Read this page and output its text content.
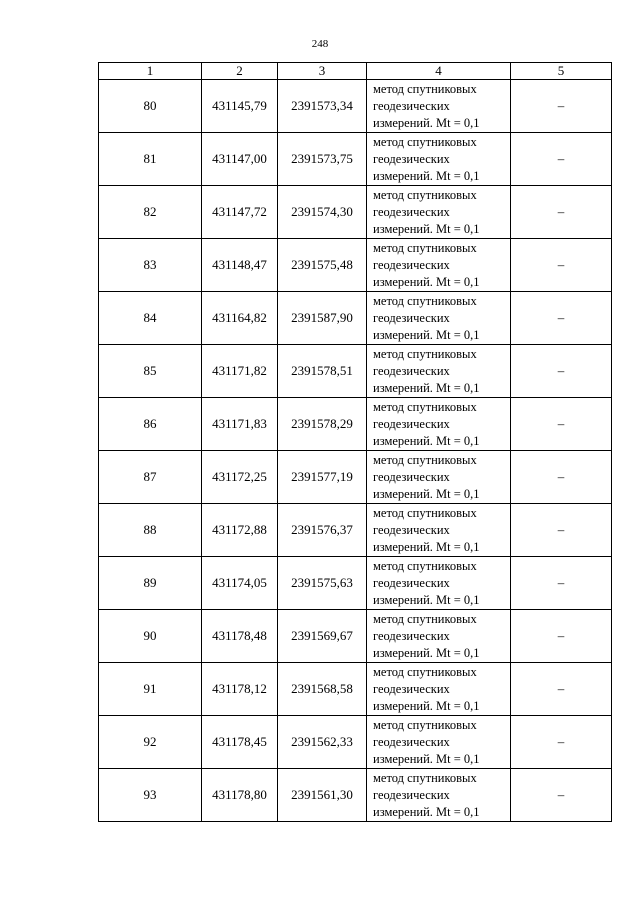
248
1	2	3	4	5
80	431145,79	2391573,34	метод спутниковых
геодезических
измерений. Mt = 0,1	–
81	431147,00	2391573,75	метод спутниковых
геодезических
измерений. Mt = 0,1	–
82	431147,72	2391574,30	метод спутниковых
геодезических
измерений. Mt = 0,1	–
83	431148,47	2391575,48	метод спутниковых
геодезических
измерений. Mt = 0,1	–
84	431164,82	2391587,90	метод спутниковых
геодезических
измерений. Mt = 0,1	–
85	431171,82	2391578,51	метод спутниковых
геодезических
измерений. Mt = 0,1	–
86	431171,83	2391578,29	метод спутниковых
геодезических
измерений. Mt = 0,1	–
87	431172,25	2391577,19	метод спутниковых
геодезических
измерений. Mt = 0,1	–
88	431172,88	2391576,37	метод спутниковых
геодезических
измерений. Mt = 0,1	–
89	431174,05	2391575,63	метод спутниковых
геодезических
измерений. Mt = 0,1	–
90	431178,48	2391569,67	метод спутниковых
геодезических
измерений. Mt = 0,1	–
91	431178,12	2391568,58	метод спутниковых
геодезических
измерений. Mt = 0,1	–
92	431178,45	2391562,33	метод спутниковых
геодезических
измерений. Mt = 0,1	–
93	431178,80	2391561,30	метод спутниковых
геодезических
измерений. Mt = 0,1	–
